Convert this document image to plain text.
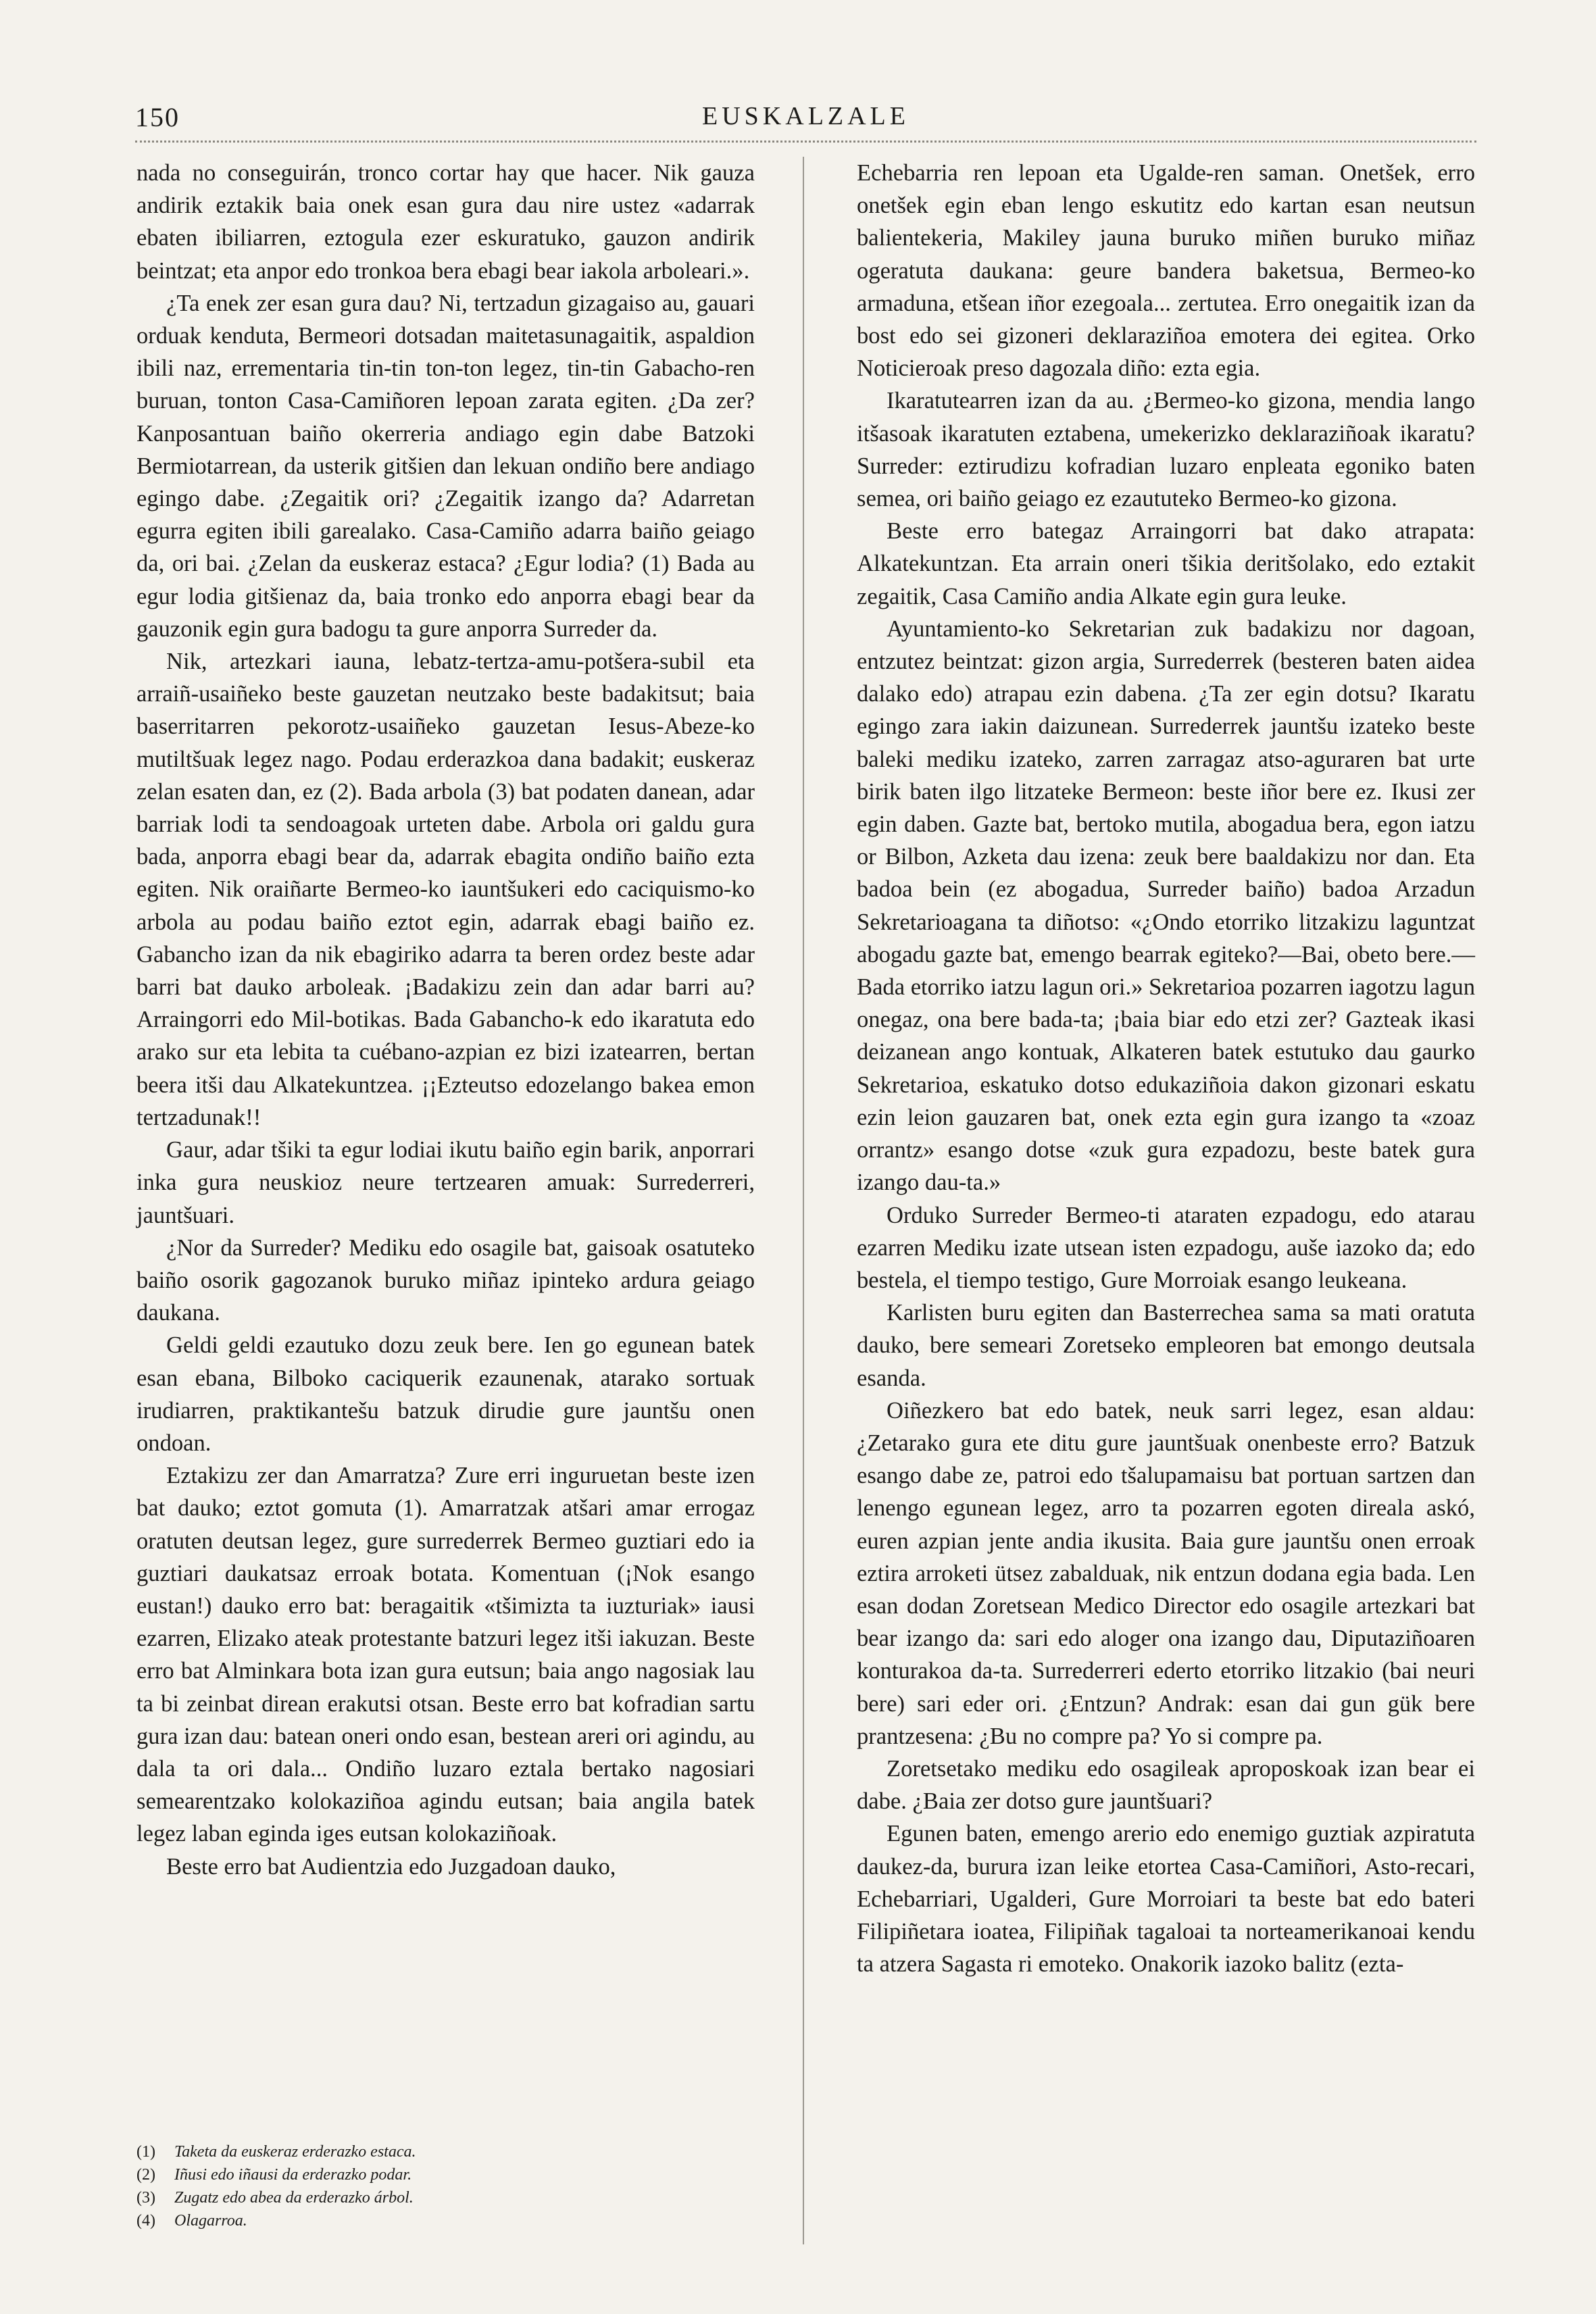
150	EUSKALZALE

nada no conseguirán, tronco cortar hay que hacer. Nik gauza andirik eztakik baia onek esan gura dau nire ustez «adarrak ebaten ibiliarren, eztogula ezer eskuratuko, gauzon andirik beintzat; eta anpor edo tronkoa bera ebagi bear iakola arboleari.».

¿Ta enek zer esan gura dau? Ni, tertzadun gizagaiso au, gauari orduak kenduta, Bermeori dotsadan maitetasunagaitik, aspaldion ibili naz, errementaria tin-tin ton-ton legez, tin-tin Gabacho-ren buruan, tonton Casa-Camiñoren lepoan zarata egiten. ¿Da zer? Kanposantuan baiño okerreria andiago egin dabe Batzoki Bermiotarrean, da usterik gitšien dan lekuan ondiño bere andiago egingo dabe. ¿Zegaitik ori? ¿Zegaitik izango da? Adarretan egurra egiten ibili garealako. Casa-Camiño adarra baiño geiago da, ori bai. ¿Zelan da euskeraz estaca? ¿Egur lodia? (1) Bada au egur lodia gitšienaz da, baia tronko edo anporra ebagi bear da gauzonik egin gura badogu ta gure anporra Surreder da.

Nik, artezkari iauna, lebatz-tertza-amu-potšera-subil eta arraiñ-usaiñeko beste gauzetan neutzako beste badakitsut; baia baserritarren pekorotz-usaiñeko gauzetan Iesus-Abeze-ko mutiltšuak legez nago. Podau erderazkoa dana badakit; euskeraz zelan esaten dan, ez (2). Bada arbola (3) bat podaten danean, adar barriak lodi ta sendoagoak urteten dabe. Arbola ori galdu gura bada, anporra ebagi bear da, adarrak ebagita ondiño baiño ezta egiten. Nik oraiñarte Bermeo-ko iauntšukeri edo caciquismo-ko arbola au podau baiño eztot egin, adarrak ebagi baiño ez. Gabancho izan da nik ebagiriko adarra ta beren ordez beste adar barri bat dauko arboleak. ¡Badakizu zein dan adar barri au? Arraingorri edo Mil-botikas. Bada Gabancho-k edo ikaratuta edo arako sur eta lebita ta cuébano-azpian ez bizi izatearren, bertan beera itši dau Alkatekuntzea. ¡¡Ezteutso edozelango bakea emon tertzadunak!!

Gaur, adar tšiki ta egur lodiai ikutu baiño egin barik, anporrari inka gura neuskioz neure tertzearen amuak: Surrederreri, jauntšuari.

¿Nor da Surreder? Mediku edo osagile bat, gaisoak osatuteko baiño osorik gagozanok buruko miñaz ipinteko ardura geiago daukana.

Geldi geldi ezautuko dozu zeuk bere. Ien go egunean batek esan ebana, Bilboko caciquerik ezaunenak, atarako sortuak irudiarren, praktikantešu batzuk dirudie gure jauntšu onen ondoan.

Eztakizu zer dan Amarratza? Zure erri inguruetan beste izen bat dauko; eztot gomuta (1). Amarratzak atšari amar errogaz oratuten deutsan legez, gure surrederrek Bermeo guztiari edo ia guztiari daukatsaz erroak botata. Komentuan (¡Nok esango eustan!) dauko erro bat: beragaitik «tšimizta ta iuzturiak» iausi ezarren, Elizako ateak protestante batzuri legez itši iakuzan. Beste erro bat Alminkara bota izan gura eutsun; baia ango nagosiak lau ta bi zeinbat direan erakutsi otsan. Beste erro bat kofradian sartu gura izan dau: batean oneri ondo esan, bestean areri ori agindu, au dala ta ori dala... Ondiño luzaro eztala bertako nagosiari semearentzako kolokaziñoa agindu eutsan; baia angila batek legez laban eginda iges eutsan kolokaziñoak.

Beste erro bat Audientzia edo Juzgadoan dauko,

Echebarria ren lepoan eta Ugalde-ren saman. Onetšek, erro onetšek egin eban lengo eskutitz edo kartan esan neutsun balientekeria, Makiley jauna buruko miñen buruko miñaz ogeratuta daukana: geure bandera baketsua, Bermeo-ko armaduna, etšean iñor ezegoala... zertutea. Erro onegaitik izan da bost edo sei gizoneri deklaraziñoa emotera dei egitea. Orko Noticieroak preso dagozala diño: ezta egia.

Ikaratutearren izan da au. ¿Bermeo-ko gizona, mendia lango itšasoak ikaratuten eztabena, umekerizko deklaraziñoak ikaratu? Surreder: eztirudizu kofradian luzaro enpleata egoniko baten semea, ori baiño geiago ez ezaututeko Bermeo-ko gizona.

Beste erro bategaz Arraingorri bat dako atrapata: Alkatekuntzan. Eta arrain oneri tšikia deritšolako, edo eztakit zegaitik, Casa Camiño andia Alkate egin gura leuke.

Ayuntamiento-ko Sekretarian zuk badakizu nor dagoan, entzutez beintzat: gizon argia, Surrederrek (besteren baten aidea dalako edo) atrapau ezin dabena. ¿Ta zer egin dotsu? Ikaratu egingo zara iakin daizunean. Surrederrek jauntšu izateko beste baleki mediku izateko, zarren zarragaz atso-aguraren bat urte birik baten ilgo litzateke Bermeon: beste iñor bere ez. Ikusi zer egin daben. Gazte bat, bertoko mutila, abogadua bera, egon iatzu or Bilbon, Azketa dau izena: zeuk bere baaldakizu nor dan. Eta badoa bein (ez abogadua, Surreder baiño) badoa Arzadun Sekretarioagana ta diñotso: «¿Ondo etorriko litzakizu laguntzat abogadu gazte bat, emengo bearrak egiteko?—Bai, obeto bere.—Bada etorriko iatzu lagun ori.» Sekretarioa pozarren iagotzu lagun onegaz, ona bere bada-ta; ¡baia biar edo etzi zer? Gazteak ikasi deizanean ango kontuak, Alkateren batek estutuko dau gaurko Sekretarioa, eskatuko dotso edukaziñoia dakon gizonari eskatu ezin leion gauzaren bat, onek ezta egin gura izango ta «zoaz orrantz» esango dotse «zuk gura ezpadozu, beste batek gura izango dau-ta.»

Orduko Surreder Bermeo-ti ataraten ezpadogu, edo atarau ezarren Mediku izate utsean isten ezpadogu, auše iazoko da; edo bestela, el tiempo testigo, Gure Morroiak esango leukeana.

Karlisten buru egiten dan Basterrechea sama sa mati oratuta dauko, bere semeari Zoretseko empleoren bat emongo deutsala esanda.

Oiñezkero bat edo batek, neuk sarri legez, esan aldau: ¿Zetarako gura ete ditu gure jauntšuak onenbeste erro? Batzuk esango dabe ze, patroi edo tšalupamaisu bat portuan sartzen dan lenengo egunean legez, arro ta pozarren egoten direala askó, euren azpian jente andia ikusita. Baia gure jauntšu onen erroak eztira arroketi ütsez zabalduak, nik entzun dodana egia bada. Len esan dodan Zoretsean Medico Director edo osagile artezkari bat bear izango da: sari edo aloger ona izango dau, Diputaziñoaren konturakoa da-ta. Surrederreri ederto etorriko litzakio (bai neuri bere) sari eder ori. ¿Entzun? Andrak: esan dai gun gük bere prantzesena: ¿Bu no compre pa? Yo si compre pa.

Zoretsetako mediku edo osagileak aproposkoak izan bear ei dabe. ¿Baia zer dotso gure jauntšuari?

Egunen baten, emengo arerio edo enemigo guztiak azpiratuta daukez-da, burura izan leike etortea Casa-Camiñori, Asto-recari, Echebarriari, Ugalderi, Gure Morroiari ta beste bat edo bateri Filipiñetara ioatea, Filipiñak tagaloai ta norteamerikanoai kendu ta atzera Sagasta ri emoteko. Onakorik iazoko balitz (ezta-

(1) Taketa da euskeraz erderazko estaca.
(2) Iñusi edo iñausi da erderazko podar.
(3) Zugatz edo abea da erderazko árbol.
(4) Olagarroa.
